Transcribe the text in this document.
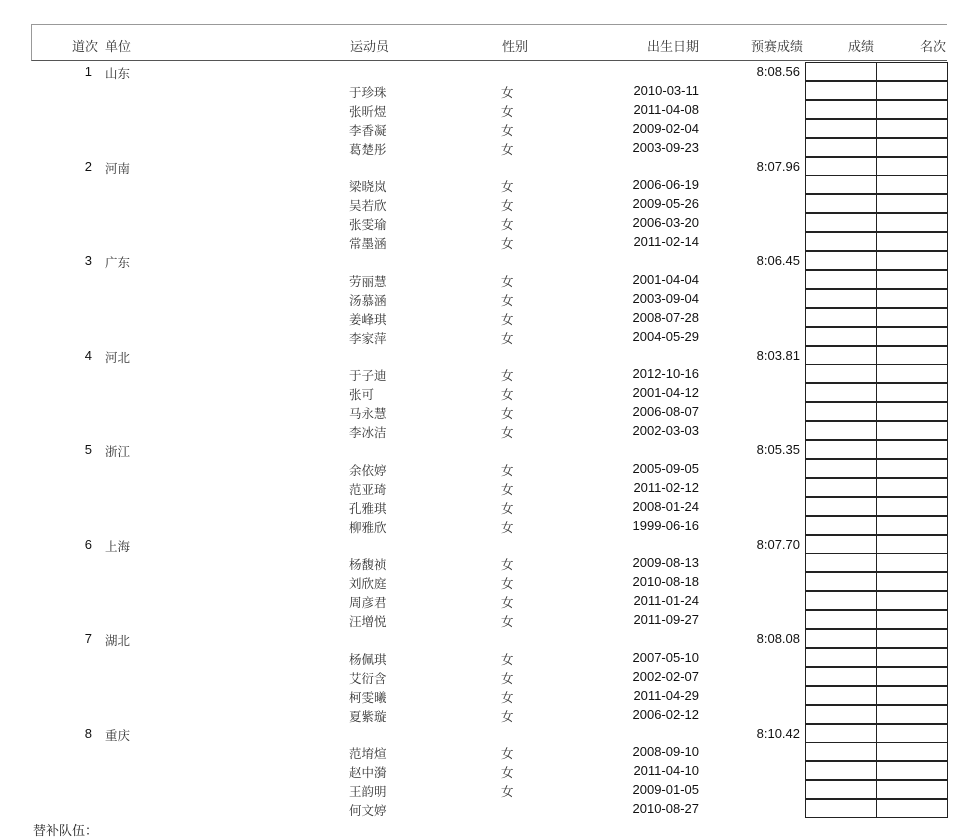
道次 单位	运动员	性别	出生日期	预赛成绩	成绩	名次
1 山东	8:08.56
于珍珠	女	2010-03-11
张昕煜	女	2011-04-08
李香凝	女	2009-02-04
葛楚彤	女	2003-09-23
2 河南	8:07.96
梁晓岚	女	2006-06-19
吴若欣	女	2009-05-26
张雯瑜	女	2006-03-20
常墨涵	女	2011-02-14
3 广东	8:06.45
劳丽慧	女	2001-04-04
汤慕涵	女	2003-09-04
姜峰琪	女	2008-07-28
李家萍	女	2004-05-29
4 河北	8:03.81
于子迪	女	2012-10-16
张可	女	2001-04-12
马永慧	女	2006-08-07
李冰洁	女	2002-03-03
5 浙江	8:05.35
余依婷	女	2005-09-05
范亚琦	女	2011-02-12
孔雅琪	女	2008-01-24
柳雅欣	女	1999-06-16
6 上海	8:07.70
杨馥祯	女	2009-08-13
刘欣庭	女	2010-08-18
周彦君	女	2011-01-24
汪增悦	女	2011-09-27
7 湖北	8:08.08
杨佩琪	女	2007-05-10
艾衍含	女	2002-02-07
柯雯曦	女	2011-04-29
夏紫璇	女	2006-02-12
8 重庆	8:10.42
范堉煊	女	2008-09-10
赵中漪	女	2011-04-10
王韵明	女	2009-01-05
何文婷	2010-08-27
替补队伍：
